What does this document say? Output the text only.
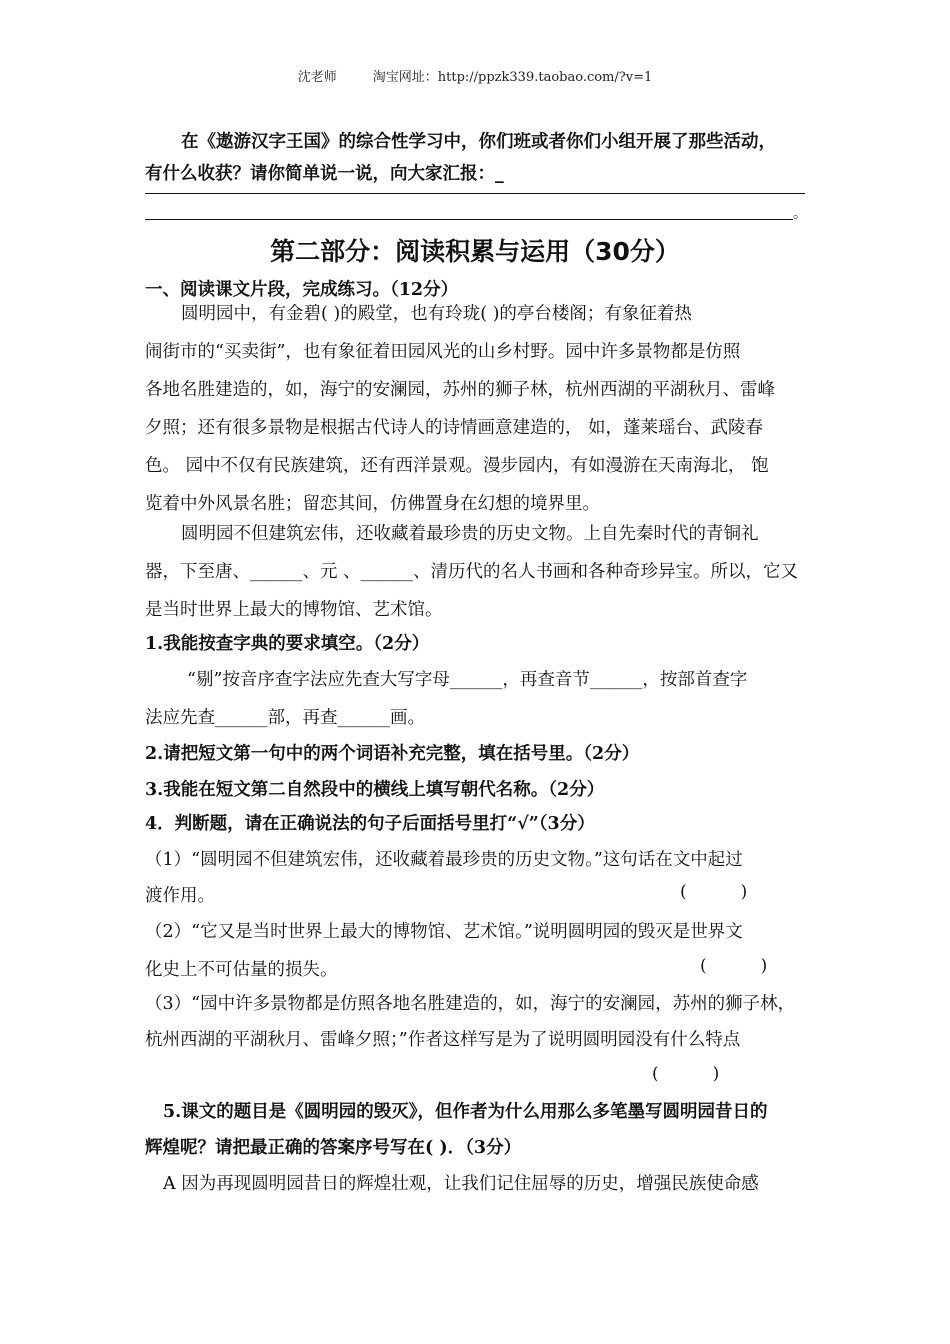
沈老师	淘宝网址：http://ppzk339.taobao.com/?v=1
在《遨游汉字王国》的综合性学习中，你们班或者你们小组开展了那些活动，
有什么收获？请你简单说一说，向大家汇报：_
。
第二部分：阅读积累与运用（30分）
一、阅读课文片段，完成练习。（12分）
圆明园中，有金碧( )的殿堂，也有玲珑( )的亭台楼阁；有象征着热
闹街市的“买卖街”，也有象征着田园风光的山乡村野。园中许多景物都是仿照
各地名胜建造的，如，海宁的安澜园，苏州的狮子林，杭州西湖的平湖秋月、雷峰
夕照；还有很多景物是根据古代诗人的诗情画意建造的， 如，蓬莱瑶台、武陵春
色。 园中不仅有民族建筑，还有西洋景观。漫步园内，有如漫游在天南海北， 饱
览着中外风景名胜；留恋其间，仿佛置身在幻想的境界里。
圆明园不但建筑宏伟，还收藏着最珍贵的历史文物。上自先秦时代的青铜礼
器，下至唐、______、元 、______、清历代的名人书画和各种奇珍异宝。所以，它又
是当时世界上最大的博物馆、艺术馆。
1.我能按查字典的要求填空。（2分）
“剔”按音序查字法应先查大写字母______，再查音节______，按部首查字
法应先查______部，再查______画。
2.请把短文第一句中的两个词语补充完整，填在括号里。（2分）
3.我能在短文第二自然段中的横线上填写朝代名称。（2分）
4．判断题，请在正确说法的句子后面括号里打“√”（3分）
（1）“圆明园不但建筑宏伟，还收藏着最珍贵的历史文物。”这句话在文中起过
渡作用。	(          )
（2）“它又是当时世界上最大的博物馆、艺术馆。”说明圆明园的毁灭是世界文
化史上不可估量的损失。	(          )
（3）“园中许多景物都是仿照各地名胜建造的，如，海宁的安澜园，苏州的狮子林，
杭州西湖的平湖秋月、雷峰夕照；”作者这样写是为了说明圆明园没有什么特点
(          )
5.课文的题目是《圆明园的毁灭》，但作者为什么用那么多笔墨写圆明园昔日的
辉煌呢？请把最正确的答案序号写在( )．（3分）
A 因为再现圆明园昔日的辉煌壮观，让我们记住屈辱的历史，增强民族使命感
